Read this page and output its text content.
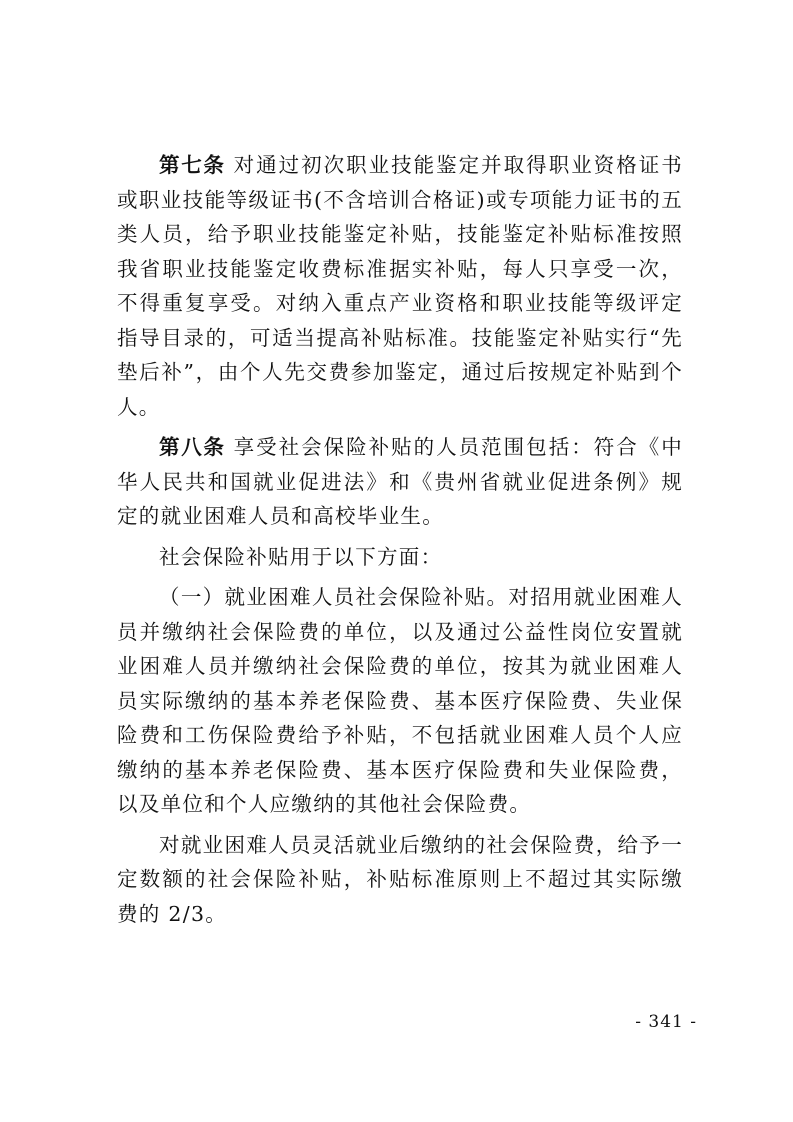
第七条 对通过初次职业技能鉴定并取得职业资格证书或职业技能等级证书(不含培训合格证)或专项能力证书的五类人员，给予职业技能鉴定补贴，技能鉴定补贴标准按照我省职业技能鉴定收费标准据实补贴，每人只享受一次，不得重复享受。对纳入重点产业资格和职业技能等级评定指导目录的，可适当提高补贴标准。技能鉴定补贴实行“先垫后补”，由个人先交费参加鉴定，通过后按规定补贴到个人。

第八条 享受社会保险补贴的人员范围包括：符合《中华人民共和国就业促进法》和《贵州省就业促进条例》规定的就业困难人员和高校毕业生。

社会保险补贴用于以下方面：

（一）就业困难人员社会保险补贴。对招用就业困难人员并缴纳社会保险费的单位，以及通过公益性岗位安置就业困难人员并缴纳社会保险费的单位，按其为就业困难人员实际缴纳的基本养老保险费、基本医疗保险费、失业保险费和工伤保险费给予补贴，不包括就业困难人员个人应缴纳的基本养老保险费、基本医疗保险费和失业保险费，以及单位和个人应缴纳的其他社会保险费。

对就业困难人员灵活就业后缴纳的社会保险费，给予一定数额的社会保险补贴，补贴标准原则上不超过其实际缴费的 2/3。

- 341 -
